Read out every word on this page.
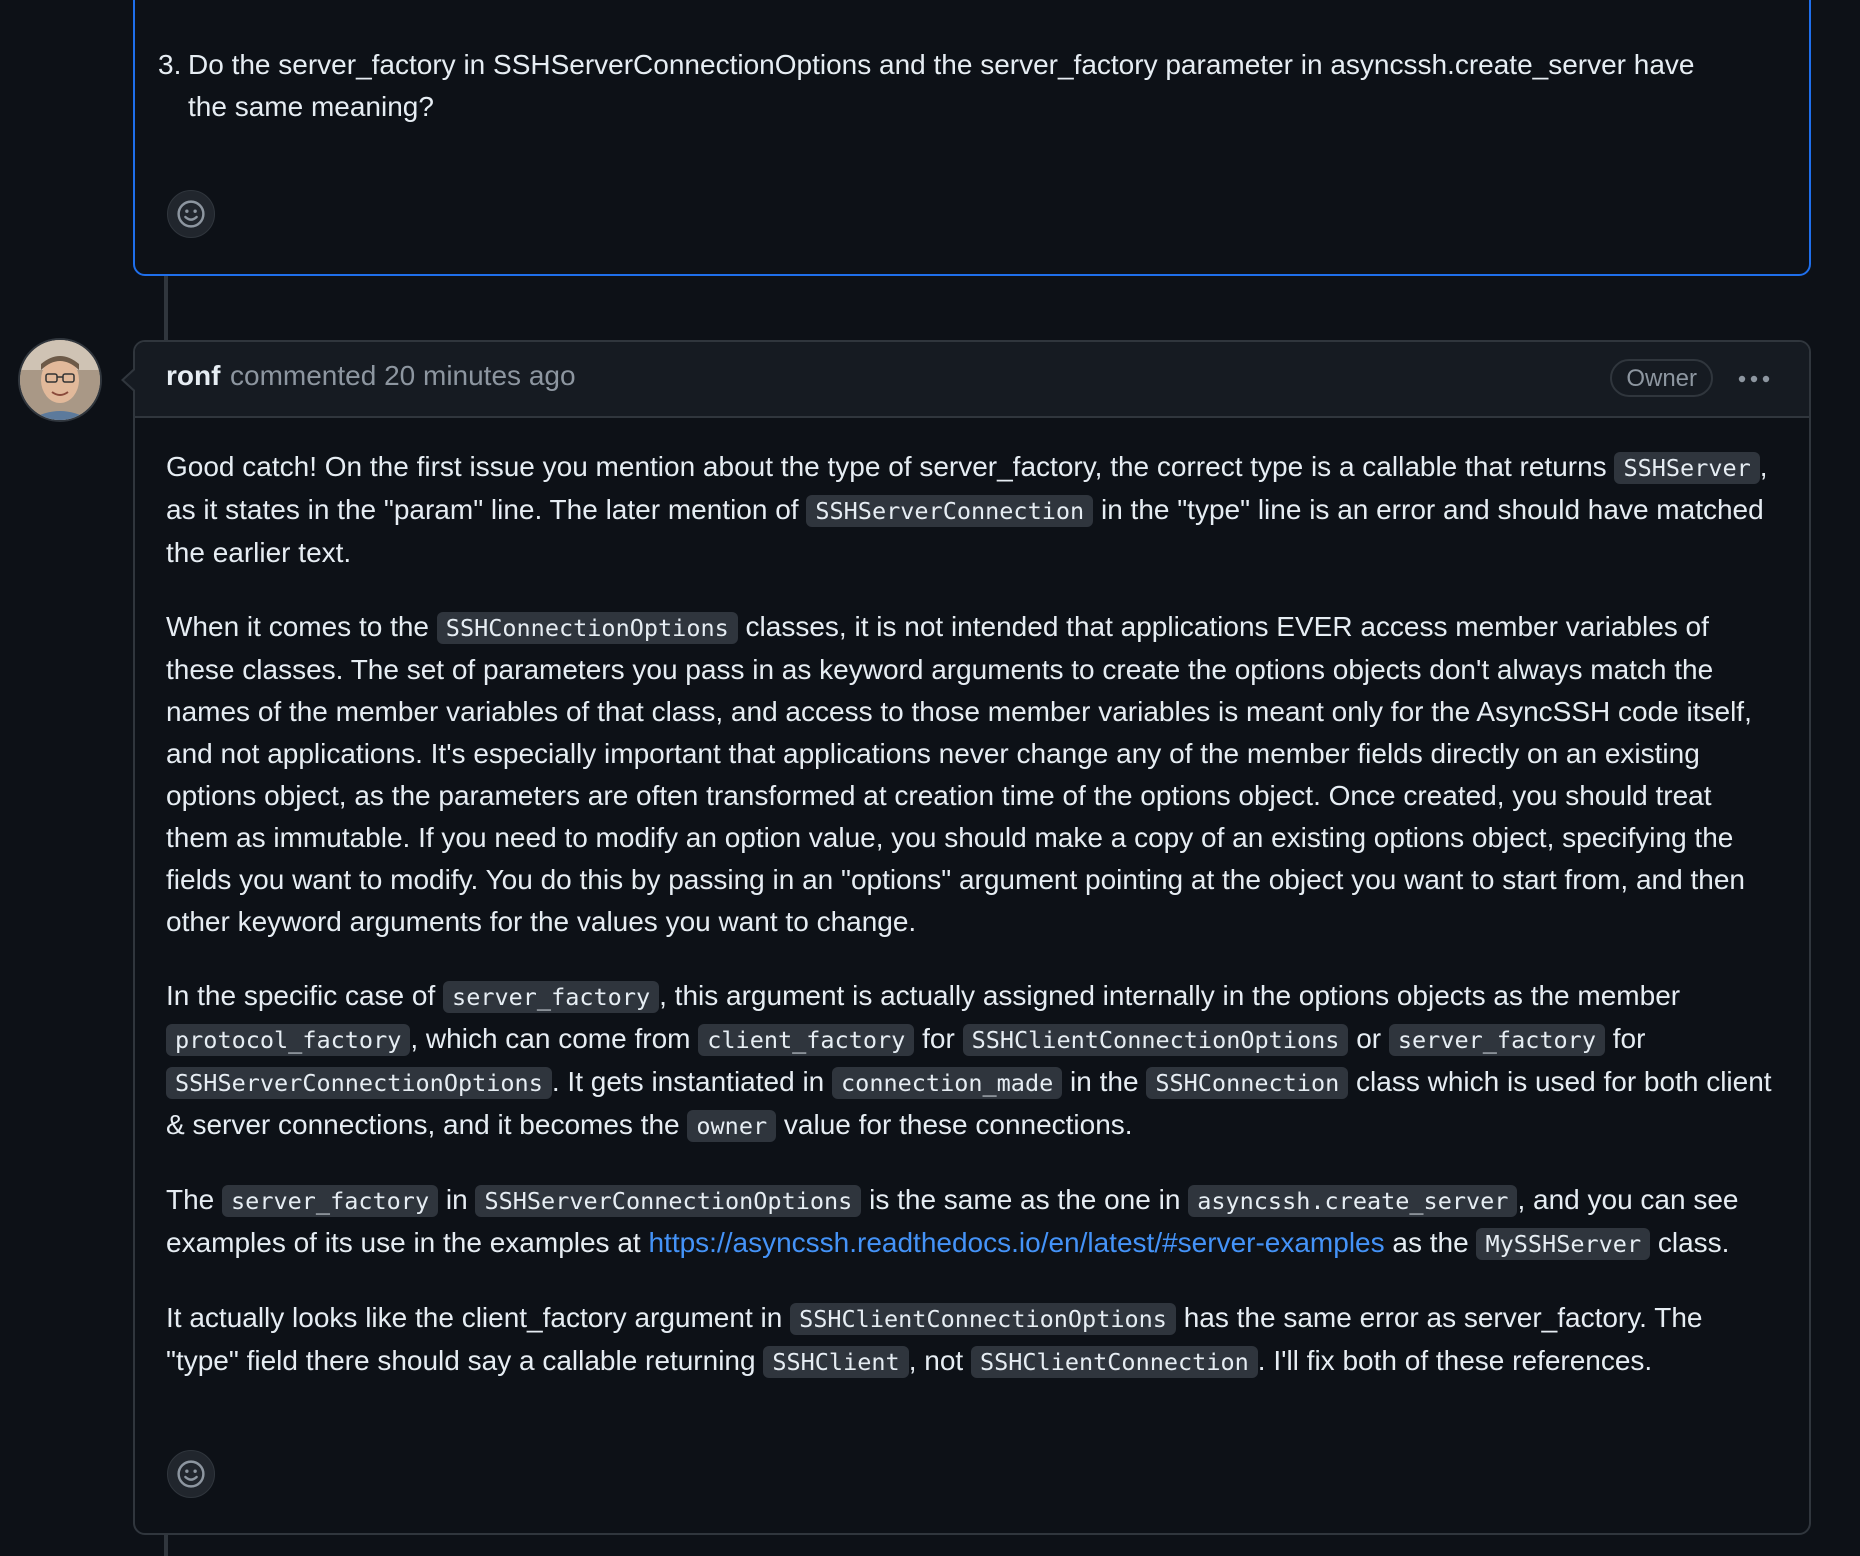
3. Do the server_factory in SSHServerConnectionOptions and the server_factory parameter in asyncssh.create_server have the same meaning?
ronf commented 20 minutes ago	Owner

Good catch! On the first issue you mention about the type of server_factory, the correct type is a callable that returns SSHServer , as it states in the "param" line. The later mention of SSHServerConnection in the "type" line is an error and should have matched the earlier text.

When it comes to the SSHConnectionOptions classes, it is not intended that applications EVER access member variables of these classes. The set of parameters you pass in as keyword arguments to create the options objects don't always match the names of the member variables of that class, and access to those member variables is meant only for the AsyncSSH code itself, and not applications. It's especially important that applications never change any of the member fields directly on an existing options object, as the parameters are often transformed at creation time of the options object. Once created, you should treat them as immutable. If you need to modify an option value, you should make a copy of an existing options object, specifying the fields you want to modify. You do this by passing in an "options" argument pointing at the object you want to start from, and then other keyword arguments for the values you want to change.

In the specific case of server_factory , this argument is actually assigned internally in the options objects as the member protocol_factory , which can come from client_factory for SSHClientConnectionOptions or server_factory for SSHServerConnectionOptions . It gets instantiated in connection_made in the SSHConnection class which is used for both client & server connections, and it becomes the owner value for these connections.

The server_factory in SSHServerConnectionOptions is the same as the one in asyncssh.create_server , and you can see examples of its use in the examples at https://asyncssh.readthedocs.io/en/latest/#server-examples as the MySSHServer class.

It actually looks like the client_factory argument in SSHClientConnectionOptions has the same error as server_factory. The "type" field there should say a callable returning SSHClient , not SSHClientConnection . I'll fix both of these references.
